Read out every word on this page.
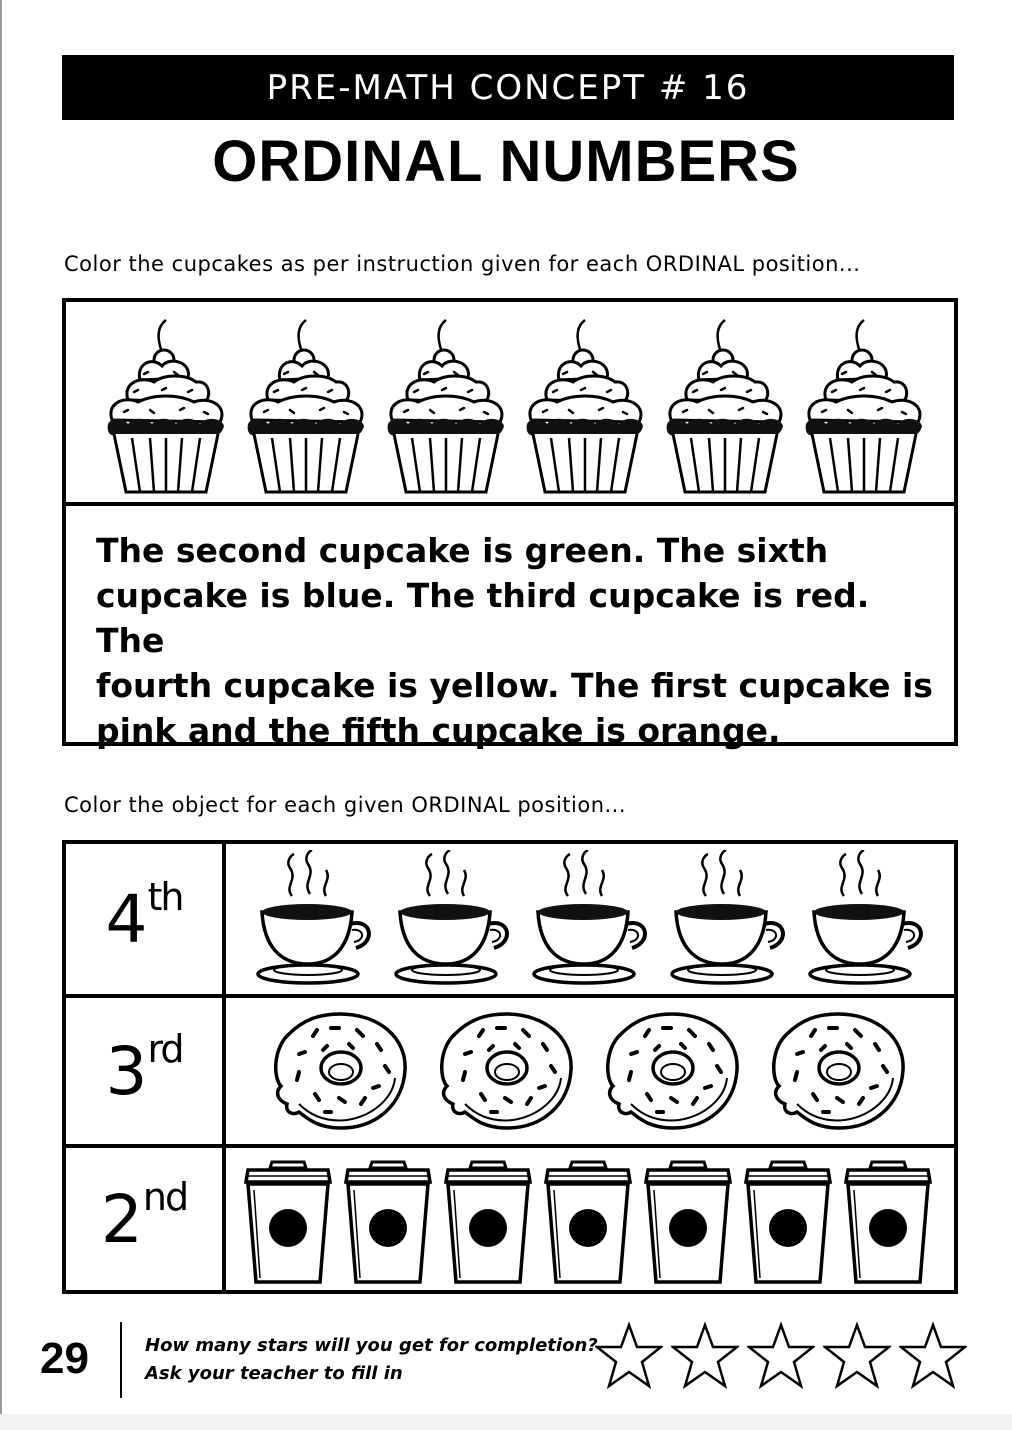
PRE-MATH CONCEPT # 16
ORDINAL NUMBERS
Color the cupcakes as per instruction given for each ORDINAL position...
The second cupcake is green. The sixth
cupcake is blue. The third cupcake is red. The
fourth cupcake is yellow. The first cupcake is
pink and the fifth cupcake is orange.
Color the object for each given ORDINAL position...
4th
3rd
2nd
29	How many stars will you get for completion?
Ask your teacher to fill in
